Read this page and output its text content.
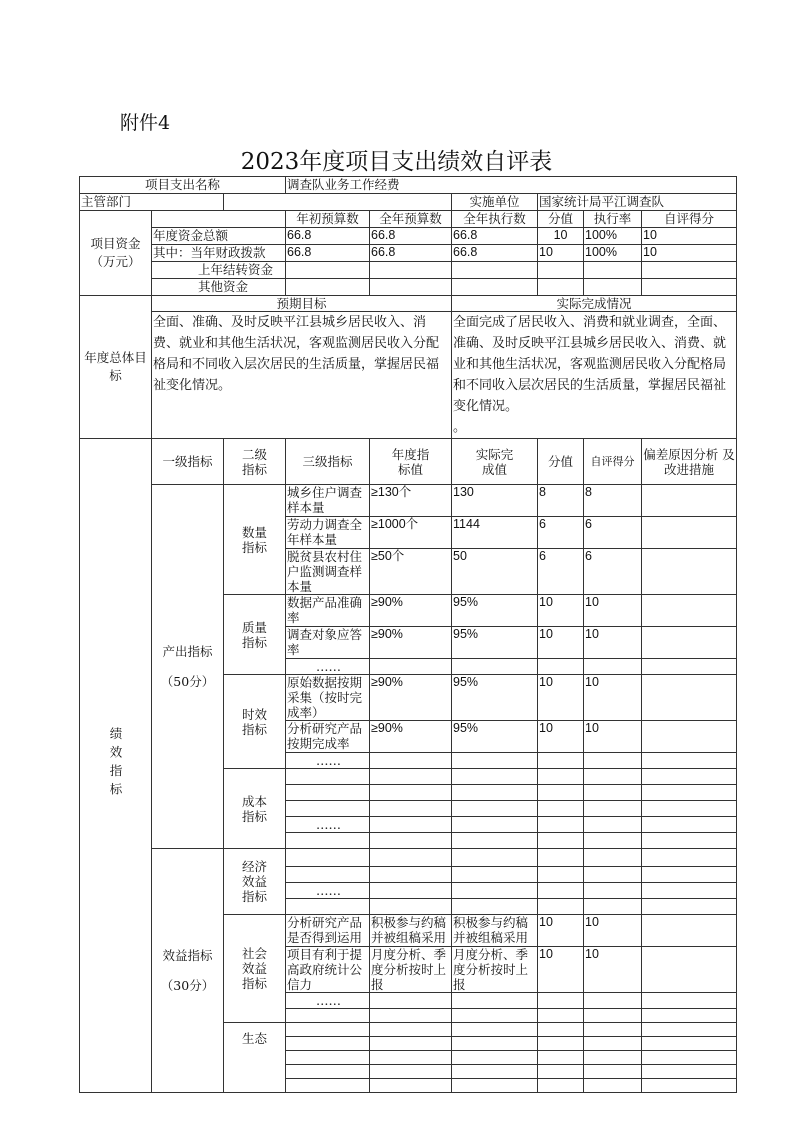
附件4
2023年度项目支出绩效自评表
项目支出名称			调查队业务工作经费					
主管部门					实施单位	国家统计局平江调查队		
项目资金（万元）			年初预算数	全年预算数	全年执行数	分值	执行率	自评得分
	年度资金总额		66.8	66.8	66.8	10	100%	10
	其中：当年财政拨款		66.8	66.8	66.8	10	100%	10
	上年结转资金							
	其他资金							
年度总体目标	预期目标				实际完成情况			
	全面、准确、及时反映平江县城乡居民收入、消费、就业和其他生活状况，客观监测居民收入分配格局和不同收入层次居民的生活质量，掌握居民福祉变化情况。				全面完成了居民收入、消费和就业调查，全面、准确、及时反映平江县城乡居民收入、消费、就业和其他生活状况，客观监测居民收入分配格局和不同收入层次居民的生活质量，掌握居民福祉变化情况。
。			
绩效指标	一级指标	二级指标	三级指标	年度指标值	实际完成值	分值	自评得分	偏差原因分析 及改进措施
	产出指标
（50分）	数量指标	城乡住户调查样本量	≥130个	130	8	8	
			劳动力调查全年样本量	≥1000个	1144	6	6	
			脱贫县农村住户监测调查样本量	≥50个	50	6	6	
		质量指标	数据产品准确率	≥90%	95%	10	10	
			调查对象应答率	≥90%	95%	10	10	
			……					
		时效指标	原始数据按期采集（按时完成率）	≥90%	95%	10	10	
			分析研究产品按期完成率	≥90%	95%	10	10	
			……					
		成本指标						

			……					

	效益指标
（30分）	经济效益指标						

			……					

		社会效益指标	分析研究产品是否得到运用	积极参与约稿并被组稿采用	积极参与约稿并被组稿采用	10	10	
			项目有利于提高政府统计公信力	月度分析、季度分析按时上报	月度分析、季度分析按时上报	10	10	
			……					

		生态						
